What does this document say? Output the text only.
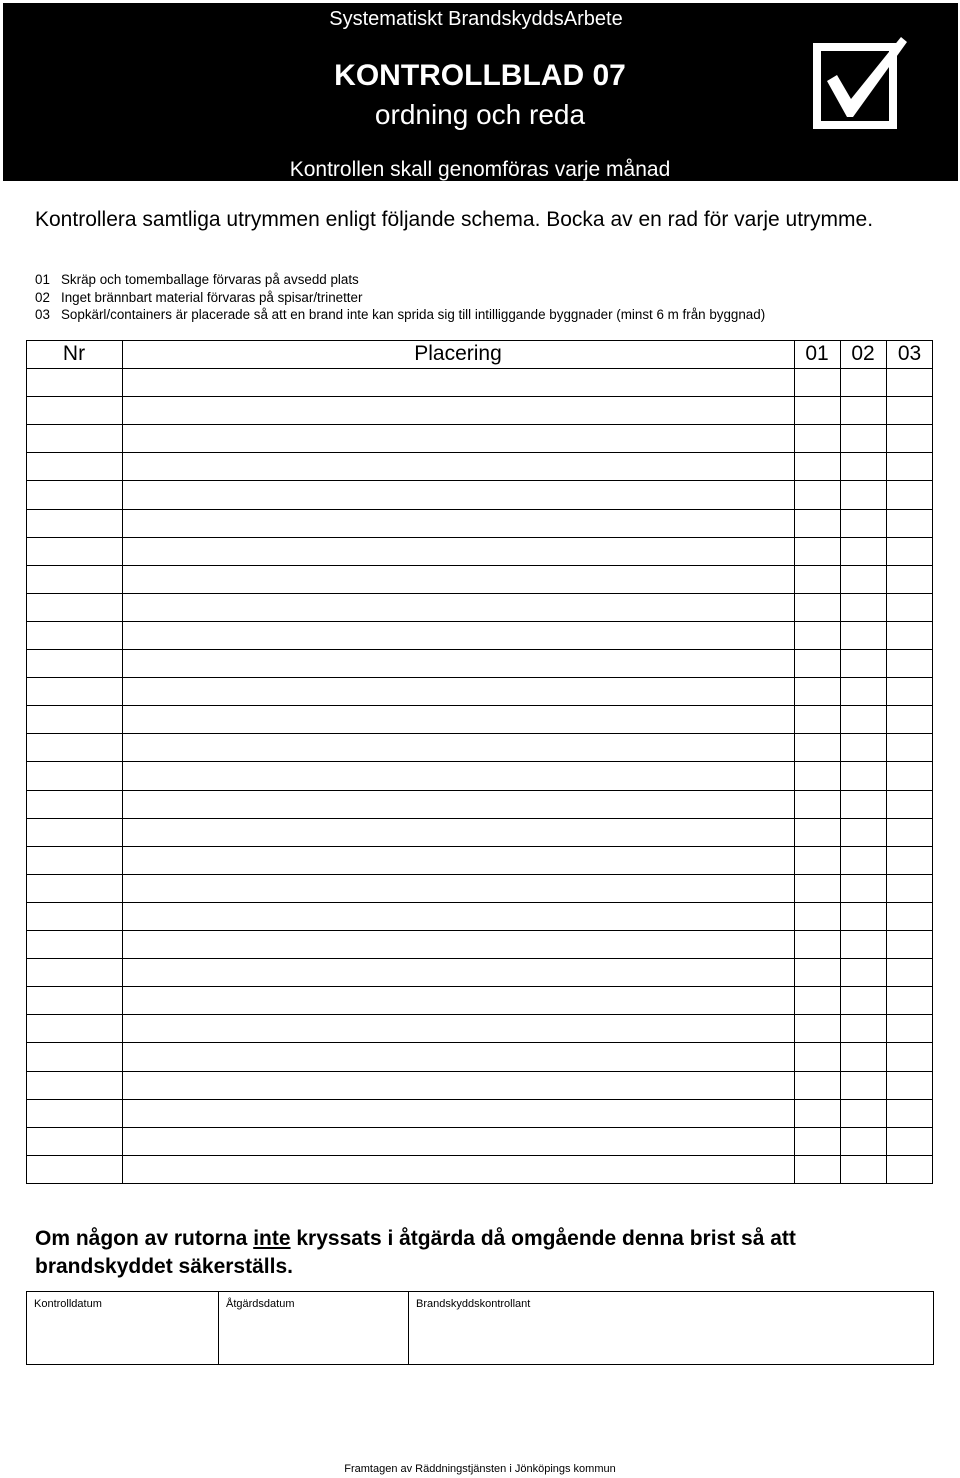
Systematiskt BrandskyddsArbete
KONTROLLBLAD 07
ordning och reda
Kontrollen skall genomföras varje månad
Kontrollera samtliga utrymmen enligt följande schema. Bocka av en rad för varje utrymme.
01 Skräp och tomemballage förvaras på avsedd plats
02 Inget brännbart material förvaras på spisar/trinetter
03 Sopkärl/containers är placerade så att en brand inte kan sprida sig till intilliggande byggnader (minst 6 m från byggnad)
Nr	Placering	01	02	03
Om någon av rutorna inte kryssats i åtgärda då omgående denna brist så att brandskyddet säkerställs.
Kontrolldatum	Åtgärdsdatum	Brandskyddskontrollant
Framtagen av Räddningstjänsten i Jönköpings kommun
